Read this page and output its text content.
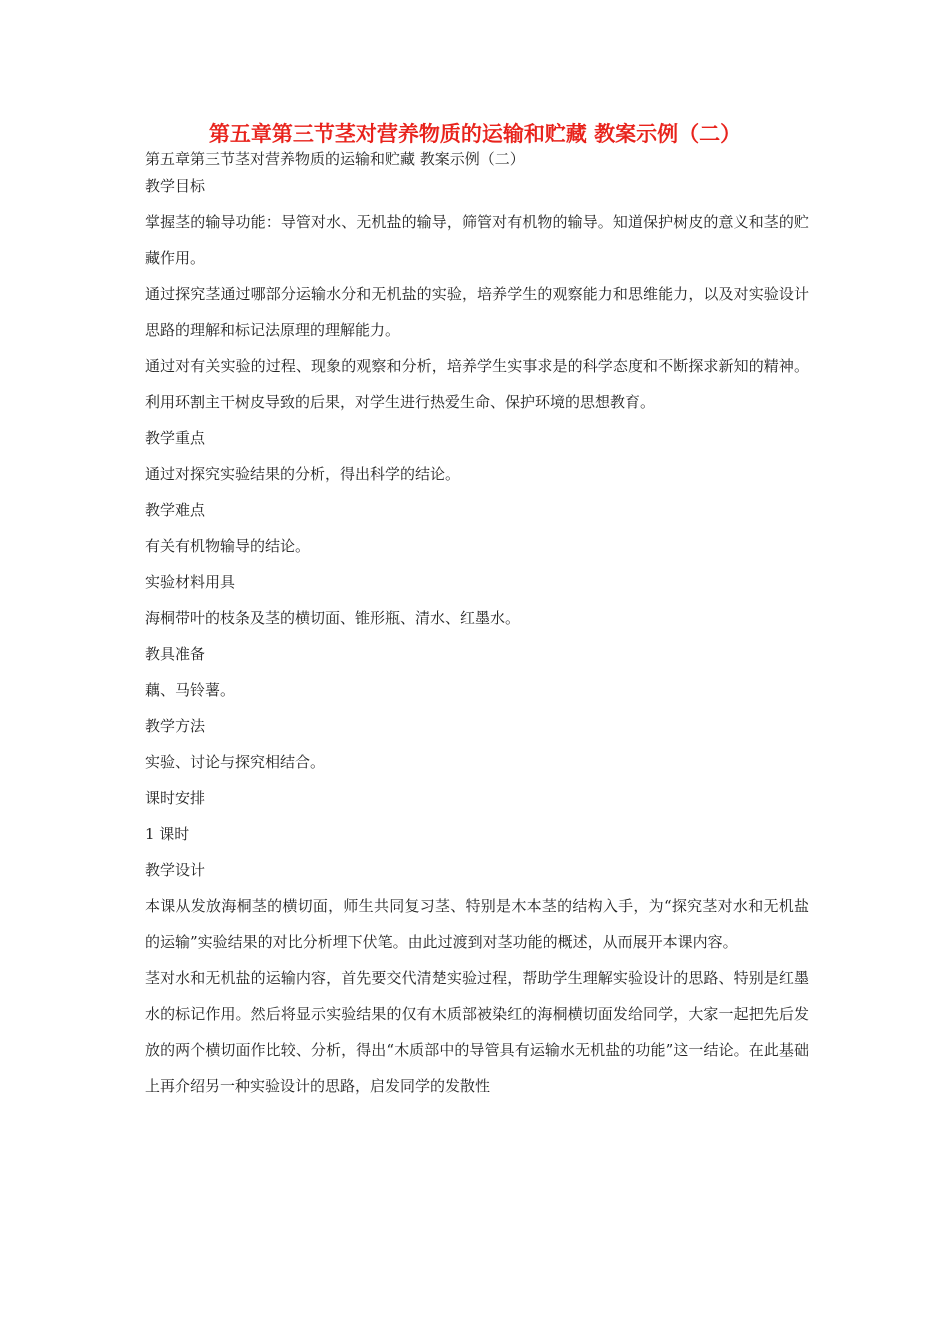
第五章第三节茎对营养物质的运输和贮藏 教案示例（二）

第五章第三节茎对营养物质的运输和贮藏 教案示例（二）

教学目标

掌握茎的输导功能：导管对水、无机盐的输导，筛管对有机物的输导。知道保护树皮的意义和茎的贮藏作用。

通过探究茎通过哪部分运输水分和无机盐的实验，培养学生的观察能力和思维能力，以及对实验设计思路的理解和标记法原理的理解能力。

通过对有关实验的过程、现象的观察和分析，培养学生实事求是的科学态度和不断探求新知的精神。利用环割主干树皮导致的后果，对学生进行热爱生命、保护环境的思想教育。

教学重点

通过对探究实验结果的分析，得出科学的结论。

教学难点

有关有机物输导的结论。

实验材料用具

海桐带叶的枝条及茎的横切面、锥形瓶、清水、红墨水。

教具准备

藕、马铃薯。

教学方法

实验、讨论与探究相结合。

课时安排

1 课时

教学设计

本课从发放海桐茎的横切面，师生共同复习茎、特别是木本茎的结构入手，为“探究茎对水和无机盐的运输”实验结果的对比分析埋下伏笔。由此过渡到对茎功能的概述，从而展开本课内容。

茎对水和无机盐的运输内容，首先要交代清楚实验过程，帮助学生理解实验设计的思路、特别是红墨水的标记作用。然后将显示实验结果的仅有木质部被染红的海桐横切面发给同学，大家一起把先后发放的两个横切面作比较、分析，得出“木质部中的导管具有运输水无机盐的功能”这一结论。在此基础上再介绍另一种实验设计的思路，启发同学的发散性
